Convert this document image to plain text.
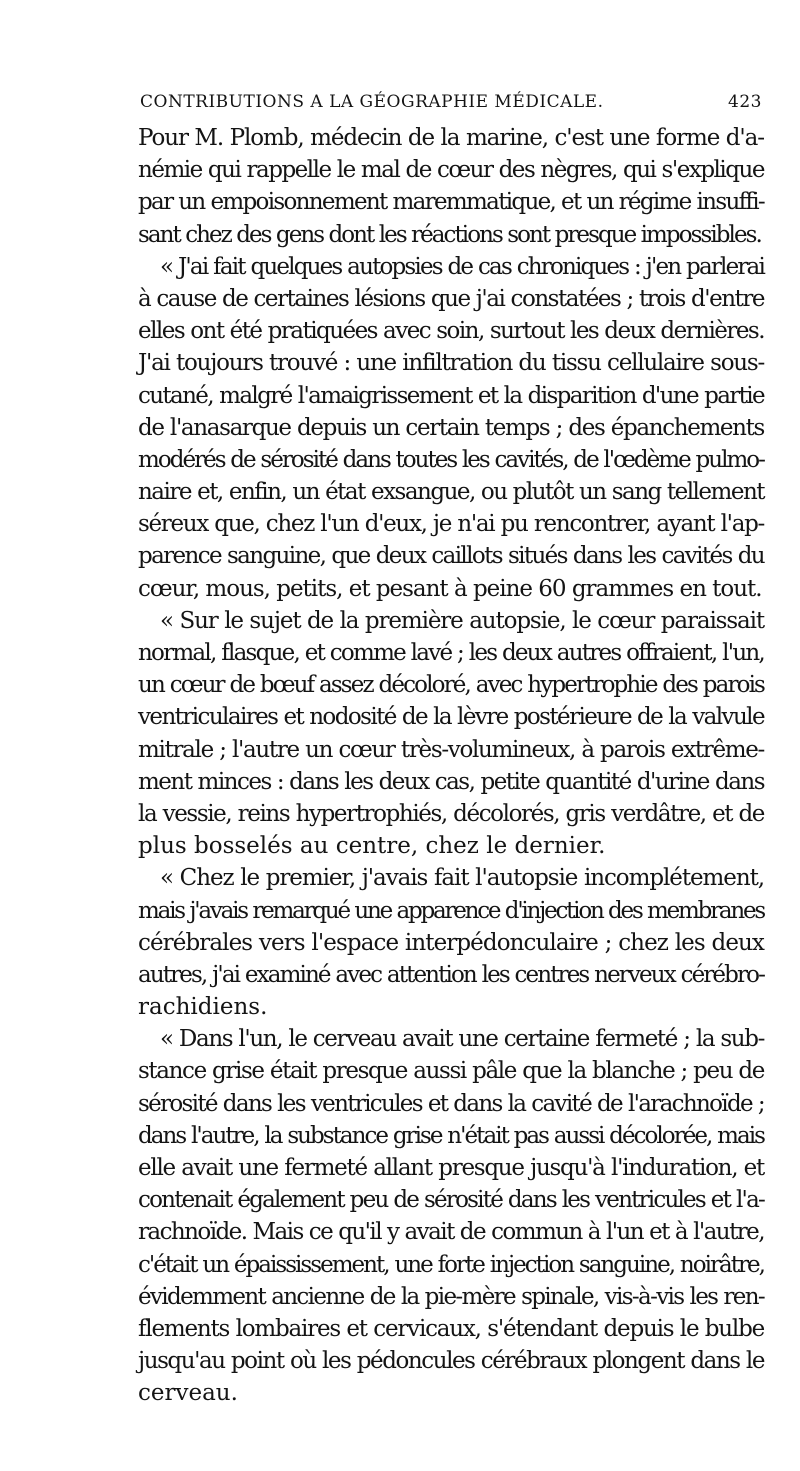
CONTRIBUTIONS A LA GÉOGRAPHIE MÉDICALE.	423
Pour M. Plomb, médecin de la marine, c'est une forme d'a-
némie qui rappelle le mal de cœur des nègres, qui s'explique
par un empoisonnement maremmatique, et un régime insuffi-
sant chez des gens dont les réactions sont presque impossibles.
« J'ai fait quelques autopsies de cas chroniques : j'en parlerai
à cause de certaines lésions que j'ai constatées ; trois d'entre
elles ont été pratiquées avec soin, surtout les deux dernières.
J'ai toujours trouvé : une infiltration du tissu cellulaire sous-
cutané, malgré l'amaigrissement et la disparition d'une partie
de l'anasarque depuis un certain temps ; des épanchements
modérés de sérosité dans toutes les cavités, de l'œdème pulmo-
naire et, enfin, un état exsangue, ou plutôt un sang tellement
séreux que, chez l'un d'eux, je n'ai pu rencontrer, ayant l'ap-
parence sanguine, que deux caillots situés dans les cavités du
cœur, mous, petits, et pesant à peine 60 grammes en tout.
« Sur le sujet de la première autopsie, le cœur paraissait
normal, flasque, et comme lavé ; les deux autres offraient, l'un,
un cœur de bœuf assez décoloré, avec hypertrophie des parois
ventriculaires et nodosité de la lèvre postérieure de la valvule
mitrale ; l'autre un cœur très-volumineux, à parois extrême-
ment minces : dans les deux cas, petite quantité d'urine dans
la vessie, reins hypertrophiés, décolorés, gris verdâtre, et de
plus bosselés au centre, chez le dernier.
« Chez le premier, j'avais fait l'autopsie incomplétement,
mais j'avais remarqué une apparence d'injection des membranes
cérébrales vers l'espace interpédonculaire ; chez les deux
autres, j'ai examiné avec attention les centres nerveux cérébro-
rachidiens.
« Dans l'un, le cerveau avait une certaine fermeté ; la sub-
stance grise était presque aussi pâle que la blanche ; peu de
sérosité dans les ventricules et dans la cavité de l'arachnoïde ;
dans l'autre, la substance grise n'était pas aussi décolorée, mais
elle avait une fermeté allant presque jusqu'à l'induration, et
contenait également peu de sérosité dans les ventricules et l'a-
rachnoïde. Mais ce qu'il y avait de commun à l'un et à l'autre,
c'était un épaississement, une forte injection sanguine, noirâtre,
évidemment ancienne de la pie-mère spinale, vis-à-vis les ren-
flements lombaires et cervicaux, s'étendant depuis le bulbe
jusqu'au point où les pédoncules cérébraux plongent dans le
cerveau.
